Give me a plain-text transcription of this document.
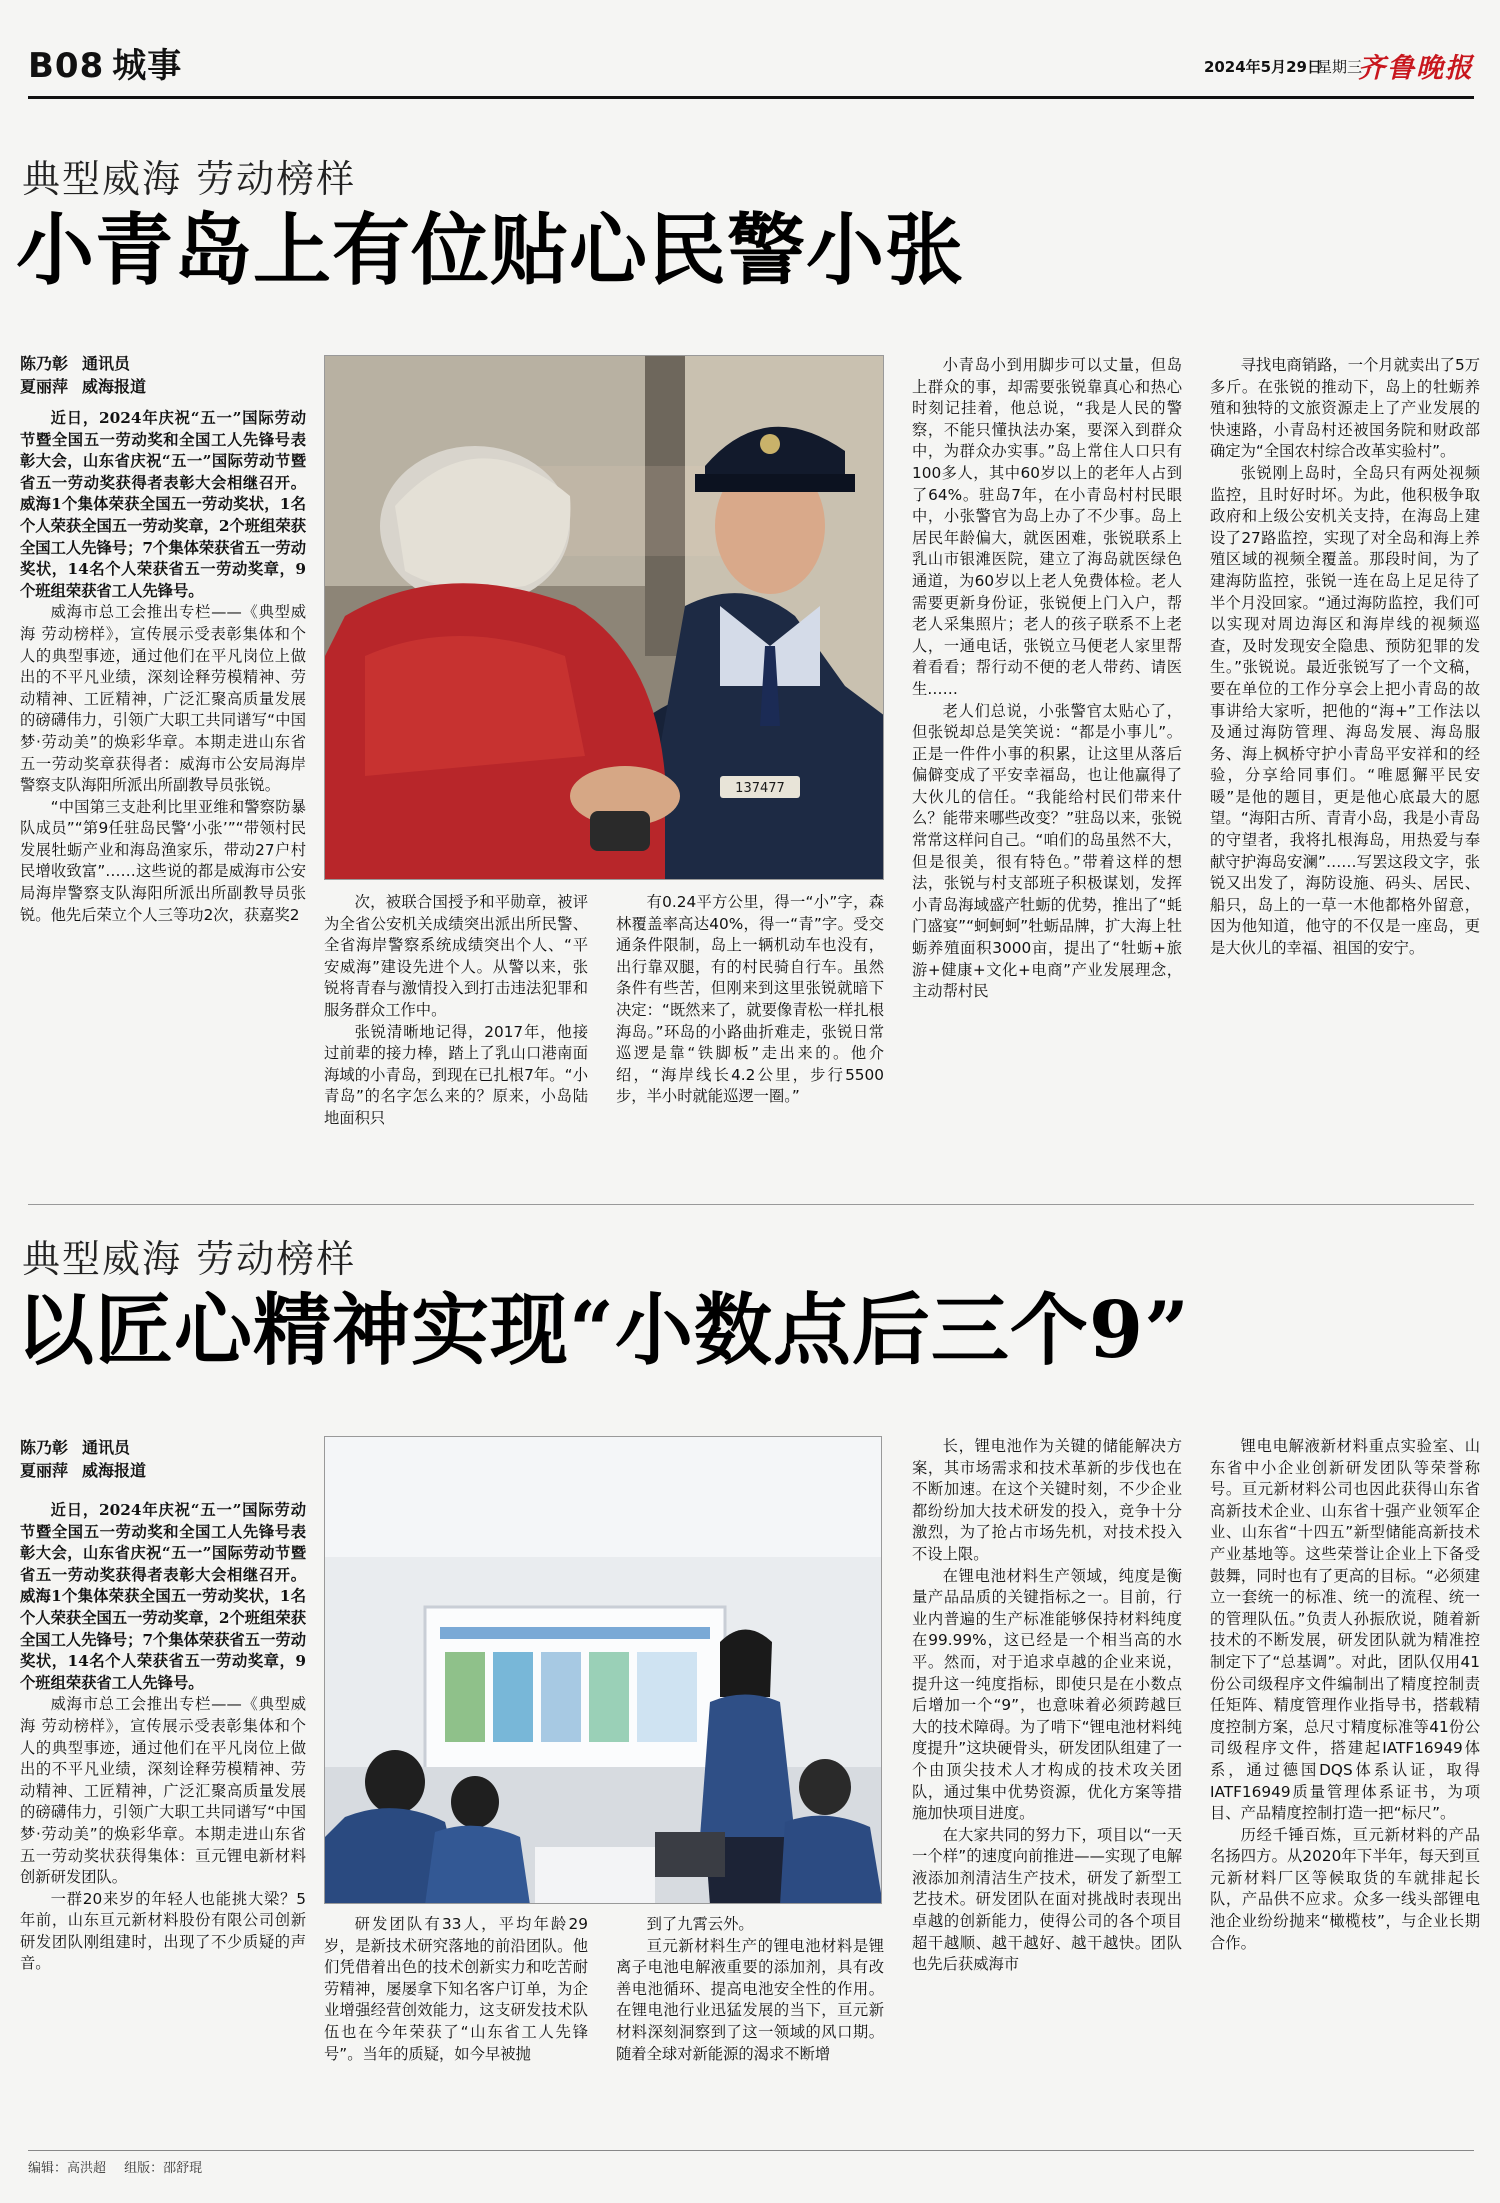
B08 城事	2024年5月29日
星期三
齐鲁晚报
典型威海 劳动榜样
小青岛上有位贴心民警小张
陈乃彰 通讯员
夏丽萍 威海报道

近日，2024年庆祝“五一”国际劳动节暨全国五一劳动奖和全国工人先锋号表彰大会，山东省庆祝“五一”国际劳动节暨省五一劳动奖获得者表彰大会相继召开。威海1个集体荣获全国五一劳动奖状，1名个人荣获全国五一劳动奖章，2个班组荣获全国工人先锋号；7个集体荣获省五一劳动奖状，14名个人荣获省五一劳动奖章，9个班组荣获省工人先锋号。

威海市总工会推出专栏——《典型威海 劳动榜样》，宣传展示受表彰集体和个人的典型事迹，通过他们在平凡岗位上做出的不平凡业绩，深刻诠释劳模精神、劳动精神、工匠精神，广泛汇聚高质量发展的磅礴伟力，引领广大职工共同谱写“中国梦·劳动美”的焕彩华章。本期走进山东省五一劳动奖章获得者：威海市公安局海岸警察支队海阳所派出所副教导员张锐。

“中国第三支赴利比里亚维和警察防暴队成员”“第9任驻岛民警‘小张’”“带领村民发展牡蛎产业和海岛渔家乐，带动27户村民增收致富”……这些说的都是威海市公安局海岸警察支队海阳所派出所副教导员张锐。他先后荣立个人三等功2次，获嘉奖2

137477

次，被联合国授予和平勋章，被评为全省公安机关成绩突出派出所民警、全省海岸警察系统成绩突出个人、“平安威海”建设先进个人。从警以来，张锐将青春与激情投入到打击违法犯罪和服务群众工作中。

张锐清晰地记得，2017年，他接过前辈的接力棒，踏上了乳山口港南面海域的小青岛，到现在已扎根7年。“小青岛”的名字怎么来的？原来，小岛陆地面积只

有0.24平方公里，得一“小”字，森林覆盖率高达40%，得一“青”字。受交通条件限制，岛上一辆机动车也没有，出行靠双腿，有的村民骑自行车。虽然条件有些苦，但刚来到这里张锐就暗下决定：“既然来了，就要像青松一样扎根海岛。”环岛的小路曲折难走，张锐日常巡逻是靠“铁脚板”走出来的。他介绍，“海岸线长4.2公里，步行5500步，半小时就能巡逻一圈。”

小青岛小到用脚步可以丈量，但岛上群众的事，却需要张锐靠真心和热心时刻记挂着，他总说，“我是人民的警察，不能只懂执法办案，要深入到群众中，为群众办实事。”岛上常住人口只有100多人，其中60岁以上的老年人占到了64%。驻岛7年，在小青岛村村民眼中，小张警官为岛上办了不少事。岛上居民年龄偏大，就医困难，张锐联系上乳山市银滩医院，建立了海岛就医绿色通道，为60岁以上老人免费体检。老人需要更新身份证，张锐便上门入户，帮老人采集照片；老人的孩子联系不上老人，一通电话，张锐立马便老人家里帮着看看；帮行动不便的老人带药、请医生……

老人们总说，小张警官太贴心了，但张锐却总是笑笑说：“都是小事儿”。正是一件件小事的积累，让这里从落后偏僻变成了平安幸福岛，也让他赢得了大伙儿的信任。“我能给村民们带来什么？能带来哪些改变？”驻岛以来，张锐常常这样问自己。“咱们的岛虽然不大，但是很美，很有特色。”带着这样的想法，张锐与村支部班子积极谋划，发挥小青岛海域盛产牡蛎的优势，推出了“蚝门盛宴”“蚵蚵蚵”牡蛎品牌，扩大海上牡蛎养殖面积3000亩，提出了“牡蛎+旅游+健康+文化+电商”产业发展理念，主动帮村民

寻找电商销路，一个月就卖出了5万多斤。在张锐的推动下，岛上的牡蛎养殖和独特的文旅资源走上了产业发展的快速路，小青岛村还被国务院和财政部确定为“全国农村综合改革实验村”。

张锐刚上岛时，全岛只有两处视频监控，且时好时坏。为此，他积极争取政府和上级公安机关支持，在海岛上建设了27路监控，实现了对全岛和海上养殖区域的视频全覆盖。那段时间，为了建海防监控，张锐一连在岛上足足待了半个月没回家。“通过海防监控，我们可以实现对周边海区和海岸线的视频巡查，及时发现安全隐患、预防犯罪的发生。”张锐说。最近张锐写了一个文稿，要在单位的工作分享会上把小青岛的故事讲给大家听，把他的“海+”工作法以及通过海防管理、海岛发展、海岛服务、海上枫桥守护小青岛平安祥和的经验，分享给同事们。“唯愿獬平民安暖”是他的题目，更是他心底最大的愿望。“海阳古所、青青小岛，我是小青岛的守望者，我将扎根海岛，用热爱与奉献守护海岛安澜”……写罢这段文字，张锐又出发了，海防设施、码头、居民、船只，岛上的一草一木他都格外留意，因为他知道，他守的不仅是一座岛，更是大伙儿的幸福、祖国的安宁。

典型威海 劳动榜样
以匠心精神实现“小数点后三个9”
陈乃彰 通讯员
夏丽萍 威海报道

近日，2024年庆祝“五一”国际劳动节暨全国五一劳动奖和全国工人先锋号表彰大会，山东省庆祝“五一”国际劳动节暨省五一劳动奖获得者表彰大会相继召开。威海1个集体荣获全国五一劳动奖状，1名个人荣获全国五一劳动奖章，2个班组荣获全国工人先锋号；7个集体荣获省五一劳动奖状，14名个人荣获省五一劳动奖章，9个班组荣获省工人先锋号。

威海市总工会推出专栏——《典型威海 劳动榜样》，宣传展示受表彰集体和个人的典型事迹，通过他们在平凡岗位上做出的不平凡业绩，深刻诠释劳模精神、劳动精神、工匠精神，广泛汇聚高质量发展的磅礴伟力，引领广大职工共同谱写“中国梦·劳动美”的焕彩华章。本期走进山东省五一劳动奖状获得集体：亘元锂电新材料创新研发团队。

一群20来岁的年轻人也能挑大梁？5年前，山东亘元新材料股份有限公司创新研发团队刚组建时，出现了不少质疑的声音。

研发团队有33人，平均年龄29岁，是新技术研究落地的前沿团队。他们凭借着出色的技术创新实力和吃苦耐劳精神，屡屡拿下知名客户订单，为企业增强经营创效能力，这支研发技术队伍也在今年荣获了“山东省工人先锋号”。当年的质疑，如今早被抛

到了九霄云外。

亘元新材料生产的锂电池材料是锂离子电池电解液重要的添加剂，具有改善电池循环、提高电池安全性的作用。在锂电池行业迅猛发展的当下，亘元新材料深刻洞察到了这一领域的风口期。随着全球对新能源的渴求不断增

长，锂电池作为关键的储能解决方案，其市场需求和技术革新的步伐也在不断加速。在这个关键时刻，不少企业都纷纷加大技术研发的投入，竞争十分激烈，为了抢占市场先机，对技术投入不设上限。

在锂电池材料生产领域，纯度是衡量产品品质的关键指标之一。目前，行业内普遍的生产标准能够保持材料纯度在99.99%，这已经是一个相当高的水平。然而，对于追求卓越的企业来说，提升这一纯度指标，即使只是在小数点后增加一个“9”，也意味着必须跨越巨大的技术障碍。为了啃下“锂电池材料纯度提升”这块硬骨头，研发团队组建了一个由顶尖技术人才构成的技术攻关团队，通过集中优势资源，优化方案等措施加快项目进度。

在大家共同的努力下，项目以“一天一个样”的速度向前推进——实现了电解液添加剂清洁生产技术，研发了新型工艺技术。研发团队在面对挑战时表现出卓越的创新能力，使得公司的各个项目超干越顺、越干越好、越干越快。团队也先后获威海市

锂电电解液新材料重点实验室、山东省中小企业创新研发团队等荣誉称号。亘元新材料公司也因此获得山东省高新技术企业、山东省十强产业领军企业、山东省“十四五”新型储能高新技术产业基地等。这些荣誉让企业上下备受鼓舞，同时也有了更高的目标。“必须建立一套统一的标准、统一的流程、统一的管理队伍。”负责人孙振欣说，随着新技术的不断发展，研发团队就为精准控制定下了“总基调”。对此，团队仅用41份公司级程序文件编制出了精度控制责任矩阵、精度管理作业指导书，搭载精度控制方案，总尺寸精度标准等41份公司级程序文件，搭建起IATF16949体系，通过德国DQS体系认证，取得IATF16949质量管理体系证书，为项目、产品精度控制打造一把“标尺”。

历经千锤百炼，亘元新材料的产品名扬四方。从2020年下半年，每天到亘元新材料厂区等候取货的车就排起长队，产品供不应求。众多一线头部锂电池企业纷纷抛来“橄榄枝”，与企业长期合作。

编辑：高洪超 组版：邵舒琨
